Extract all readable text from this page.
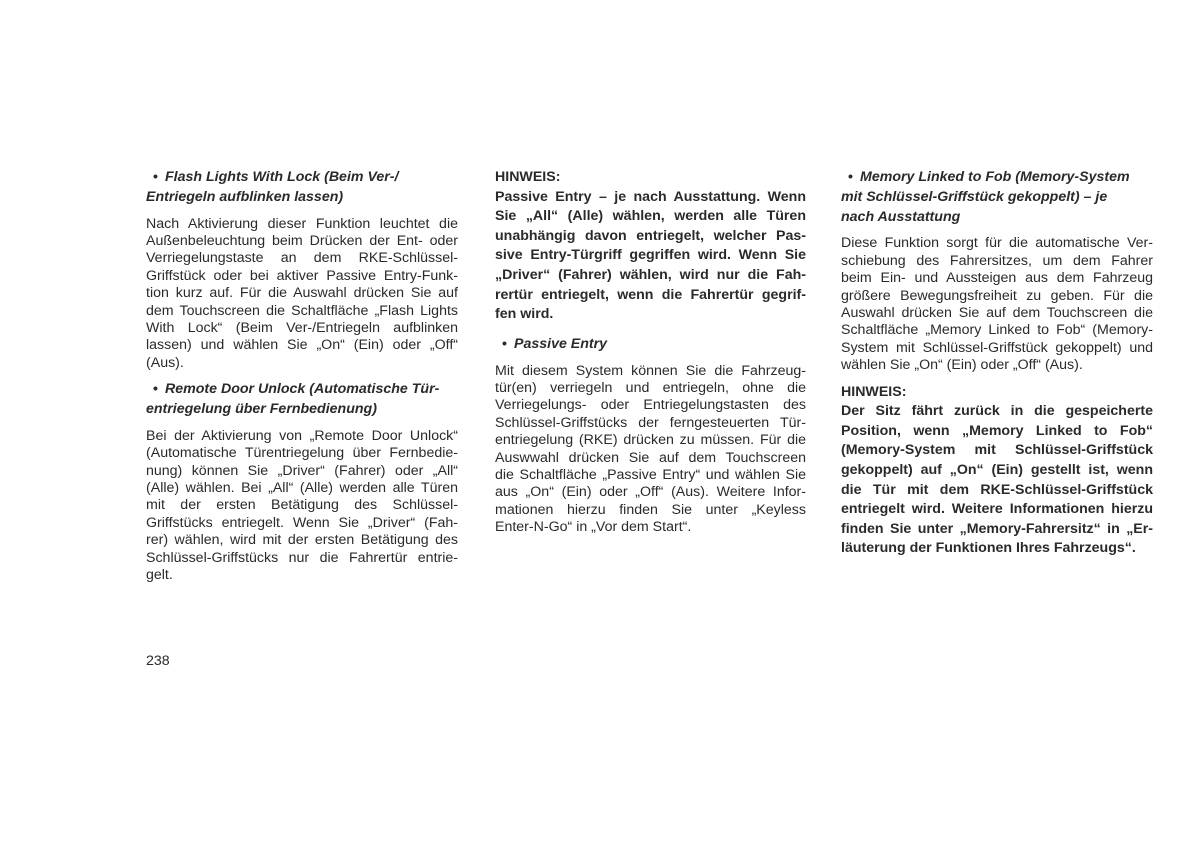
• Flash Lights With Lock (Beim Ver-/
Entriegeln aufblinken lassen)
Nach Aktivierung dieser Funktion leuchtet die
Außenbeleuchtung beim Drücken der Ent- oder
Verriegelungstaste an dem RKE-Schlüssel-
Griffstück oder bei aktiver Passive Entry-Funk-
tion kurz auf. Für die Auswahl drücken Sie auf
dem Touchscreen die Schaltfläche „Flash Lights
With Lock“ (Beim Ver-/Entriegeln aufblinken
lassen) und wählen Sie „On“ (Ein) oder „Off“
(Aus).
• Remote Door Unlock (Automatische Tür-
entriegelung über Fernbedienung)
Bei der Aktivierung von „Remote Door Unlock“
(Automatische Türentriegelung über Fernbedie-
nung) können Sie „Driver“ (Fahrer) oder „All“
(Alle) wählen. Bei „All“ (Alle) werden alle Türen
mit der ersten Betätigung des Schlüssel-
Griffstücks entriegelt. Wenn Sie „Driver“ (Fah-
rer) wählen, wird mit der ersten Betätigung des
Schlüssel-Griffstücks nur die Fahrertür entrie-
gelt.
HINWEIS:
Passive Entry – je nach Ausstattung. Wenn
Sie „All“ (Alle) wählen, werden alle Türen
unabhängig davon entriegelt, welcher Pas-
sive Entry-Türgriff gegriffen wird. Wenn Sie
„Driver“ (Fahrer) wählen, wird nur die Fah-
rertür entriegelt, wenn die Fahrertür gegrif-
fen wird.
• Passive Entry
Mit diesem System können Sie die Fahrzeug-
tür(en) verriegeln und entriegeln, ohne die
Verriegelungs- oder Entriegelungstasten des
Schlüssel-Griffstücks der ferngesteuerten Tür-
entriegelung (RKE) drücken zu müssen. Für die
Auswwahl drücken Sie auf dem Touchscreen
die Schaltfläche „Passive Entry“ und wählen Sie
aus „On“ (Ein) oder „Off“ (Aus). Weitere Infor-
mationen hierzu finden Sie unter „Keyless
Enter-N-Go“ in „Vor dem Start“.
• Memory Linked to Fob (Memory-System
mit Schlüssel-Griffstück gekoppelt) – je
nach Ausstattung
Diese Funktion sorgt für die automatische Ver-
schiebung des Fahrersitzes, um dem Fahrer
beim Ein- und Aussteigen aus dem Fahrzeug
größere Bewegungsfreiheit zu geben. Für die
Auswahl drücken Sie auf dem Touchscreen die
Schaltfläche „Memory Linked to Fob“ (Memory-
System mit Schlüssel-Griffstück gekoppelt) und
wählen Sie „On“ (Ein) oder „Off“ (Aus).
HINWEIS:
Der Sitz fährt zurück in die gespeicherte
Position, wenn „Memory Linked to Fob“
(Memory-System mit Schlüssel-Griffstück
gekoppelt) auf „On“ (Ein) gestellt ist, wenn
die Tür mit dem RKE-Schlüssel-Griffstück
entriegelt wird. Weitere Informationen hierzu
finden Sie unter „Memory-Fahrersitz“ in „Er-
läuterung der Funktionen Ihres Fahrzeugs“.
238
